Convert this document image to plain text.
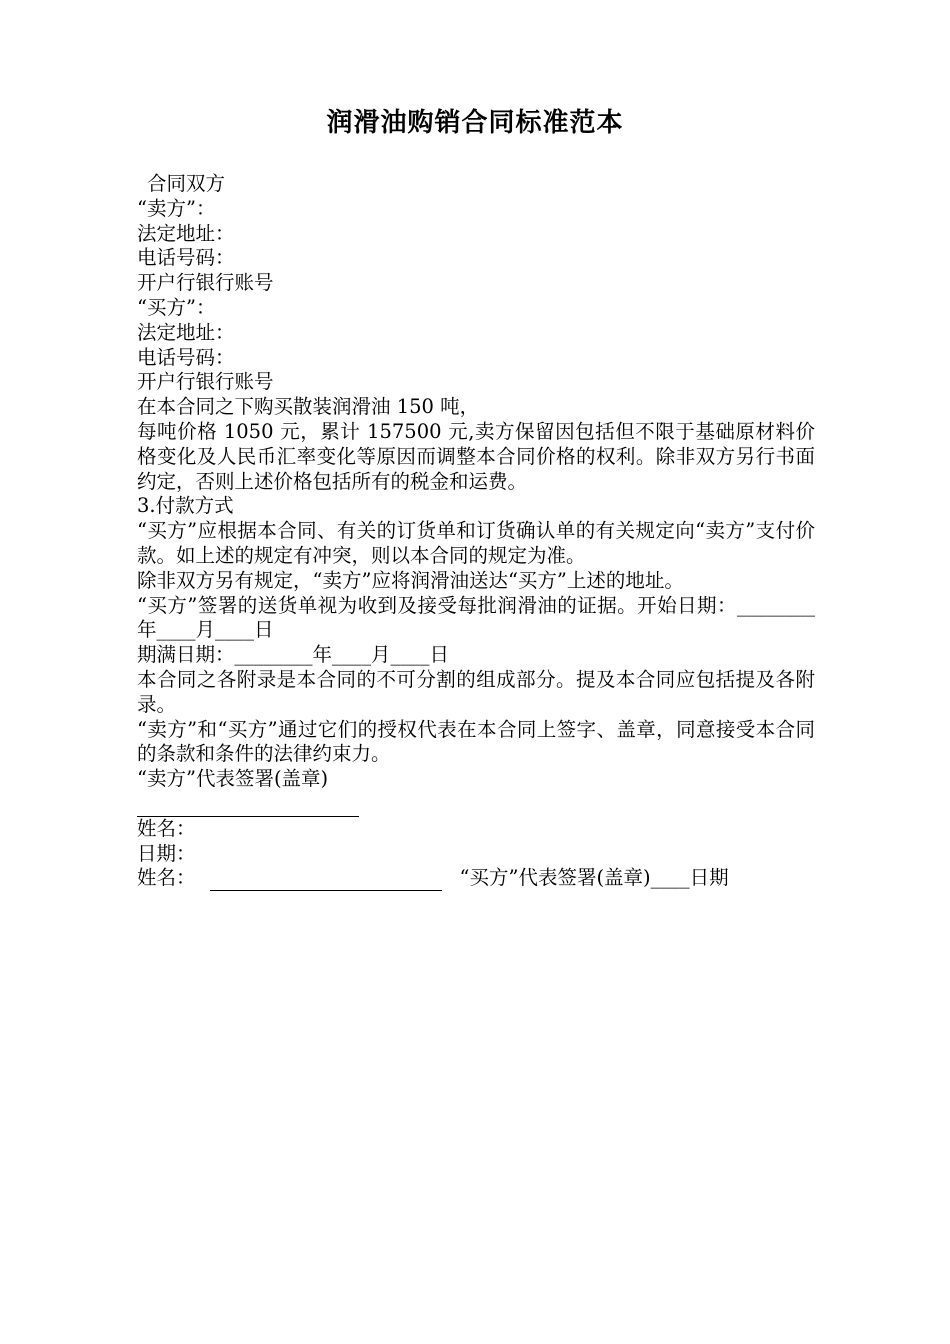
润滑油购销合同标准范本

合同双方

“卖方”：

法定地址：

电话号码：

开户行银行账号

“买方”：

法定地址：

电话号码：

开户行银行账号

在本合同之下购买散装润滑油 150 吨，

每吨价格 1050 元，累计 157500 元,卖方保留因包括但不限于基础原材料价格变化及人民币汇率变化等原因而调整本合同价格的权利。除非双方另行书面约定，否则上述价格包括所有的税金和运费。

3.付款方式

“买方”应根据本合同、有关的订货单和订货确认单的有关规定向“卖方”支付价款。如上述的规定有冲突，则以本合同的规定为准。

除非双方另有规定，“卖方”应将润滑油送达“买方”上述的地址。

“买方”签署的送货单视为收到及接受每批润滑油的证据。开始日期：________年____月____日

期满日期：________年____月____日

本合同之各附录是本合同的不可分割的组成部分。提及本合同应包括提及各附录。

“卖方”和“买方”通过它们的授权代表在本合同上签字、盖章，同意接受本合同的条款和条件的法律约束力。

“卖方”代表签署(盖章)

姓名：

日期：

姓名：	“买方”代表签署(盖章)____日期
